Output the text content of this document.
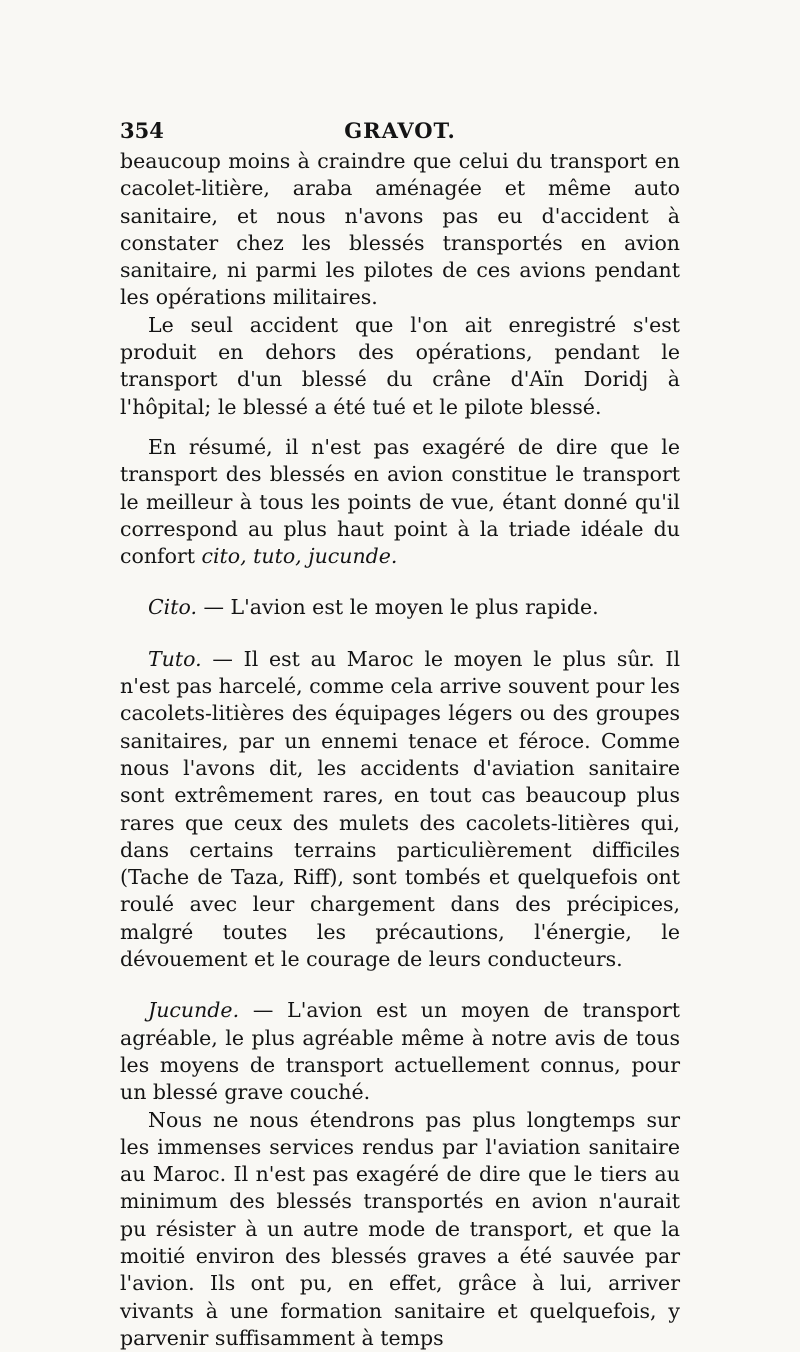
354	GRAVOT.

beaucoup moins à craindre que celui du transport en cacolet-litière, araba aménagée et même auto sanitaire, et nous n'avons pas eu d'accident à constater chez les blessés transportés en avion sanitaire, ni parmi les pilotes de ces avions pendant les opérations militaires.

Le seul accident que l'on ait enregistré s'est produit en dehors des opérations, pendant le transport d'un blessé du crâne d'Aïn Doridj à l'hôpital; le blessé a été tué et le pilote blessé.

En résumé, il n'est pas exagéré de dire que le transport des blessés en avion constitue le transport le meilleur à tous les points de vue, étant donné qu'il correspond au plus haut point à la triade idéale du confort cito, tuto, jucunde.

Cito. — L'avion est le moyen le plus rapide.

Tuto. — Il est au Maroc le moyen le plus sûr. Il n'est pas harcelé, comme cela arrive souvent pour les cacolets-litières des équipages légers ou des groupes sanitaires, par un ennemi tenace et féroce. Comme nous l'avons dit, les accidents d'aviation sanitaire sont extrêmement rares, en tout cas beaucoup plus rares que ceux des mulets des cacolets-litières qui, dans certains terrains particulièrement difficiles (Tache de Taza, Riff), sont tombés et quelquefois ont roulé avec leur chargement dans des précipices, malgré toutes les précautions, l'énergie, le dévouement et le courage de leurs conducteurs.

Jucunde. — L'avion est un moyen de transport agréable, le plus agréable même à notre avis de tous les moyens de transport actuellement connus, pour un blessé grave couché.

Nous ne nous étendrons pas plus longtemps sur les immenses services rendus par l'aviation sanitaire au Maroc. Il n'est pas exagéré de dire que le tiers au minimum des blessés transportés en avion n'aurait pu résister à un autre mode de transport, et que la moitié environ des blessés graves a été sauvée par l'avion. Ils ont pu, en effet, grâce à lui, arriver vivants à une formation sanitaire et quelquefois, y parvenir suffisamment à temps
